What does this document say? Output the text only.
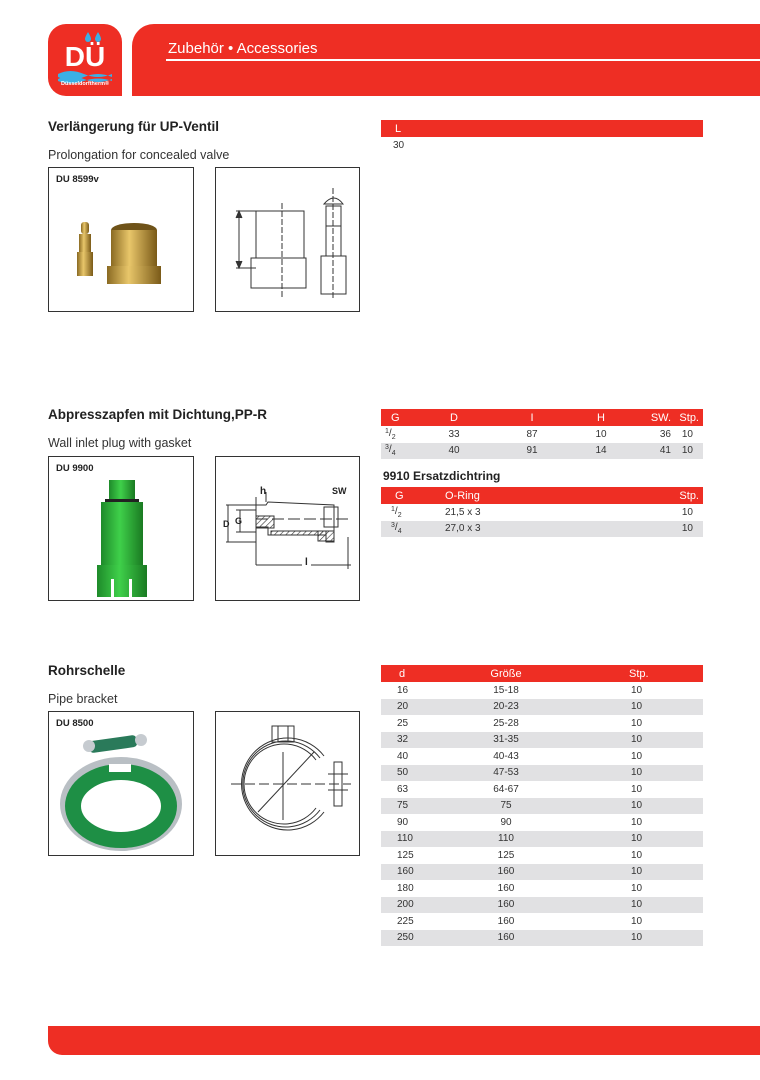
DÜ
Düsseldorftherm®
Zubehör • Accessories
Verlängerung für UP-Ventil
Prolongation for concealed valve
DU 8599v
L
30
Abpresszapfen mit Dichtung,PP-R
Wall inlet plug with gasket
DU 9900
h	SW
D G
l
G	D	I	H	SW.	Stp.
$^1/_2$	33	87	10	36	10
$^3/_4$	40	91	14	41	10
9910 Ersatzdichtring
G	O-Ring	Stp.
$^1/_2$	21,5 x 3	10
$^3/_4$	27,0 x 3	10
Rohrschelle
Pipe bracket
DU 8500
d	Größe	Stp.
16	15-18	10
20	20-23	10
25	25-28	10
32	31-35	10
40	40-43	10
50	47-53	10
63	64-67	10
75	75	10
90	90	10
110	110	10
125	125	10
160	160	10
180	160	10
200	160	10
225	160	10
250	160	10
